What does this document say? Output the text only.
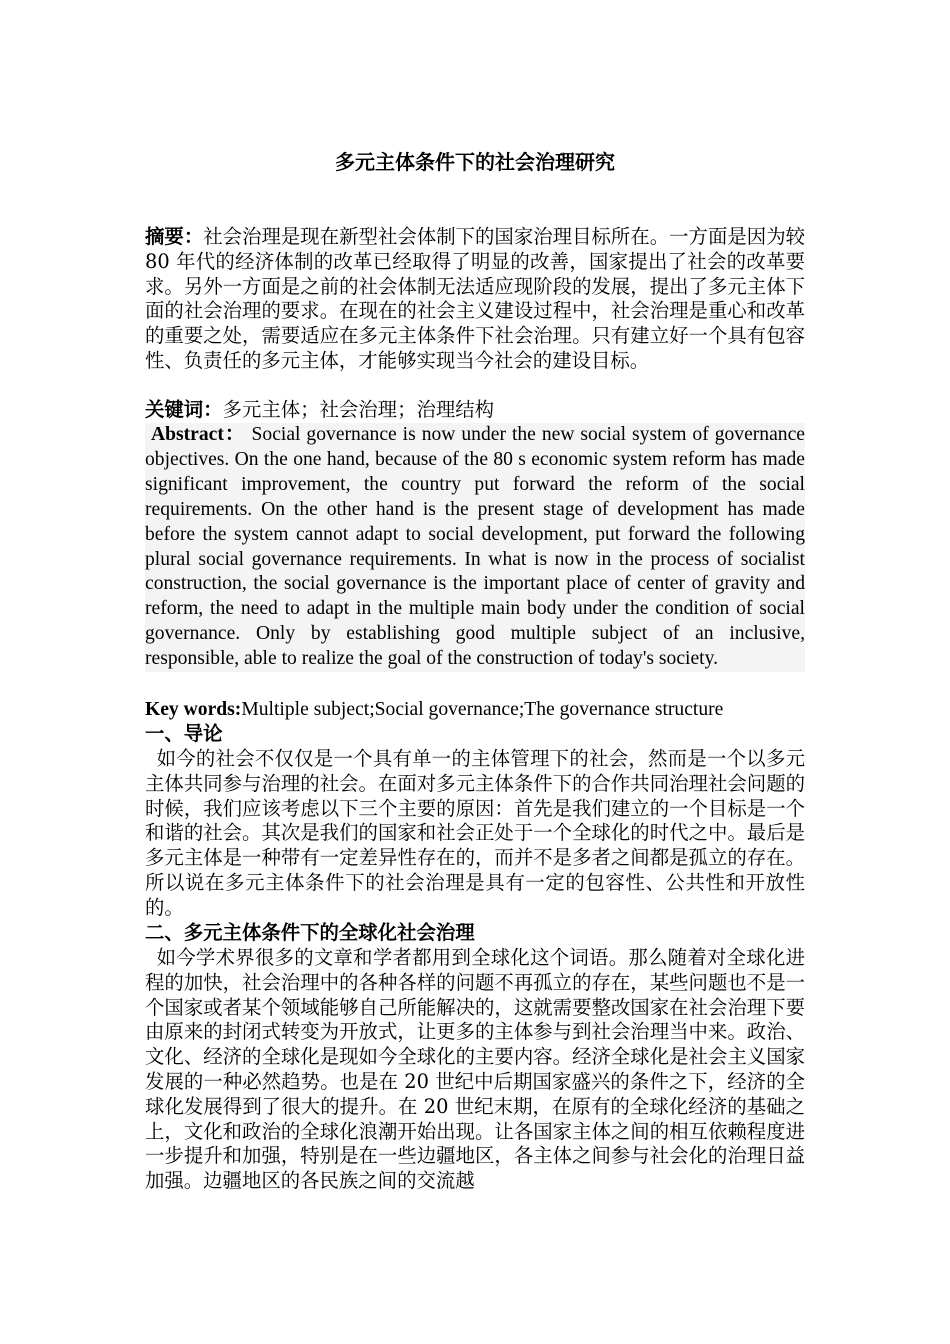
多元主体条件下的社会治理研究
摘要：社会治理是现在新型社会体制下的国家治理目标所在。一方面是因为较 80 年代的经济体制的改革已经取得了明显的改善，国家提出了社会的改革要求。另外一方面是之前的社会体制无法适应现阶段的发展，提出了多元主体下面的社会治理的要求。在现在的社会主义建设过程中，社会治理是重心和改革的重要之处，需要适应在多元主体条件下社会治理。只有建立好一个具有包容性、负责任的多元主体，才能够实现当今社会的建设目标。
关键词：多元主体；社会治理；治理结构
Abstract： Social governance is now under the new social system of governance objectives. On the one hand, because of the 80 s economic system reform has made significant improvement, the country put forward the reform of the social requirements. On the other hand is the present stage of development has made before the system cannot adapt to social development, put forward the following plural social governance requirements. In what is now in the process of socialist construction, the social governance is the important place of center of gravity and reform, the need to adapt in the multiple main body under the condition of social governance. Only by establishing good multiple subject of an inclusive, responsible, able to realize the goal of the construction of today's society.
Key words:Multiple subject;Social governance;The governance structure
一、导论
如今的社会不仅仅是一个具有单一的主体管理下的社会，然而是一个以多元主体共同参与治理的社会。在面对多元主体条件下的合作共同治理社会问题的时候，我们应该考虑以下三个主要的原因：首先是我们建立的一个目标是一个和谐的社会。其次是我们的国家和社会正处于一个全球化的时代之中。最后是多元主体是一种带有一定差异性存在的，而并不是多者之间都是孤立的存在。所以说在多元主体条件下的社会治理是具有一定的包容性、公共性和开放性的。
二、多元主体条件下的全球化社会治理
如今学术界很多的文章和学者都用到全球化这个词语。那么随着对全球化进程的加快，社会治理中的各种各样的问题不再孤立的存在，某些问题也不是一个国家或者某个领域能够自己所能解决的，这就需要整改国家在社会治理下要由原来的封闭式转变为开放式，让更多的主体参与到社会治理当中来。政治、文化、经济的全球化是现如今全球化的主要内容。经济全球化是社会主义国家发展的一种必然趋势。也是在 20 世纪中后期国家盛兴的条件之下，经济的全球化发展得到了很大的提升。在 20 世纪末期，在原有的全球化经济的基础之上，文化和政治的全球化浪潮开始出现。让各国家主体之间的相互依赖程度进一步提升和加强，特别是在一些边疆地区，各主体之间参与社会化的治理日益加强。边疆地区的各民族之间的交流越
